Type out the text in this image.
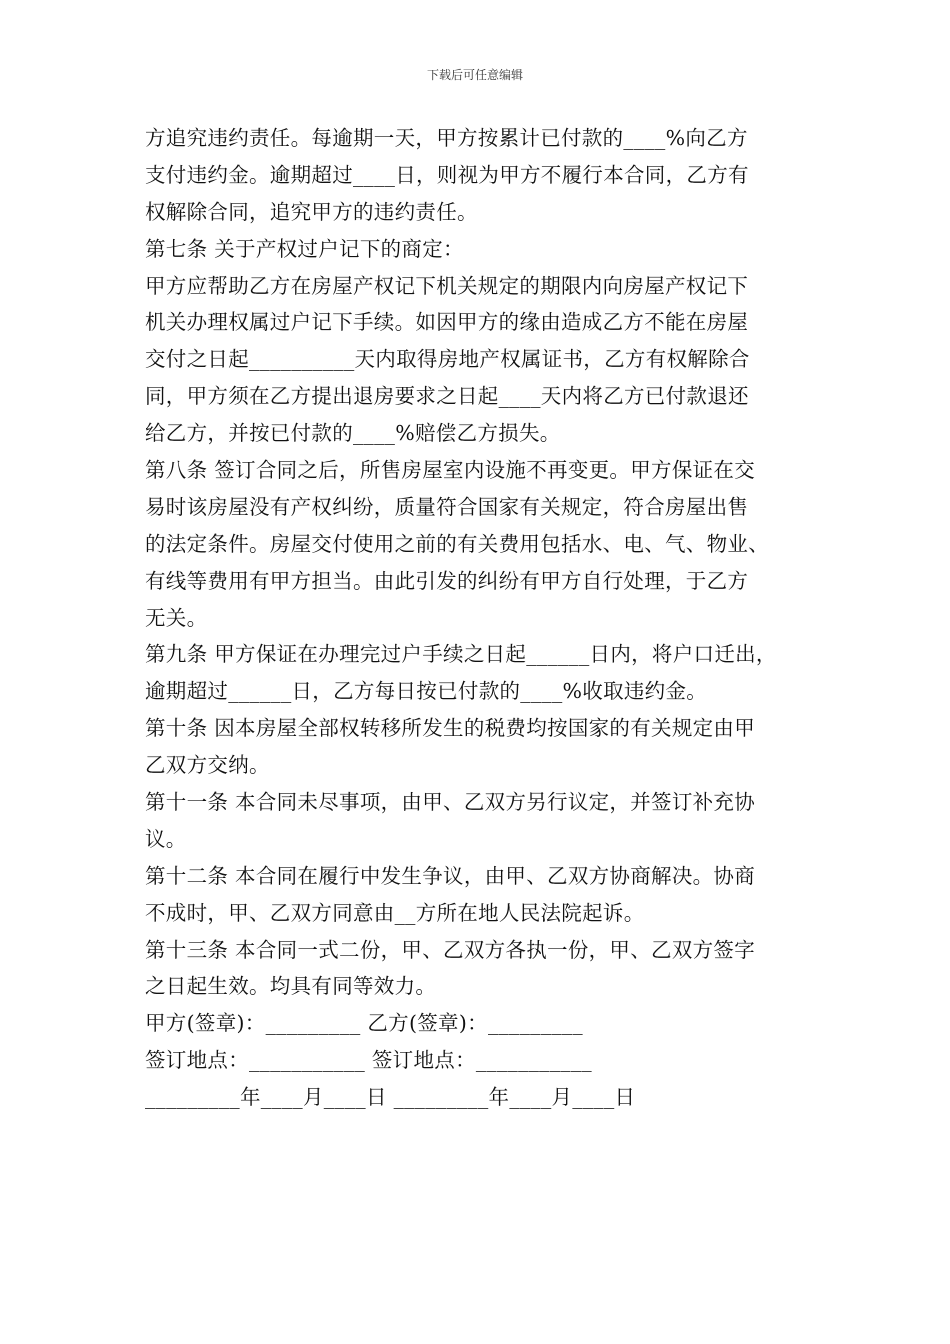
下载后可任意编辑
方追究违约责任。每逾期一天，甲方按累计已付款的____%向乙方
支付违约金。逾期超过____日，则视为甲方不履行本合同，乙方有
权解除合同，追究甲方的违约责任。
第七条 关于产权过户记下的商定：
甲方应帮助乙方在房屋产权记下机关规定的期限内向房屋产权记下
机关办理权属过户记下手续。如因甲方的缘由造成乙方不能在房屋
交付之日起__________天内取得房地产权属证书，乙方有权解除合
同，甲方须在乙方提出退房要求之日起____天内将乙方已付款退还
给乙方，并按已付款的____%赔偿乙方损失。
第八条 签订合同之后，所售房屋室内设施不再变更。甲方保证在交
易时该房屋没有产权纠纷，质量符合国家有关规定，符合房屋出售
的法定条件。房屋交付使用之前的有关费用包括水、电、气、物业、
有线等费用有甲方担当。由此引发的纠纷有甲方自行处理，于乙方
无关。
第九条 甲方保证在办理完过户手续之日起______日内，将户口迁出，
逾期超过______日，乙方每日按已付款的____%收取违约金。
第十条 因本房屋全部权转移所发生的税费均按国家的有关规定由甲
乙双方交纳。
第十一条 本合同未尽事项，由甲、乙双方另行议定，并签订补充协
议。
第十二条 本合同在履行中发生争议，由甲、乙双方协商解决。协商
不成时，甲、乙双方同意由__方所在地人民法院起诉。
第十三条 本合同一式二份，甲、乙双方各执一份，甲、乙双方签字
之日起生效。均具有同等效力。
甲方(签章)：_________ 乙方(签章)：_________
签订地点：___________ 签订地点：___________
_________年____月____日 _________年____月____日
